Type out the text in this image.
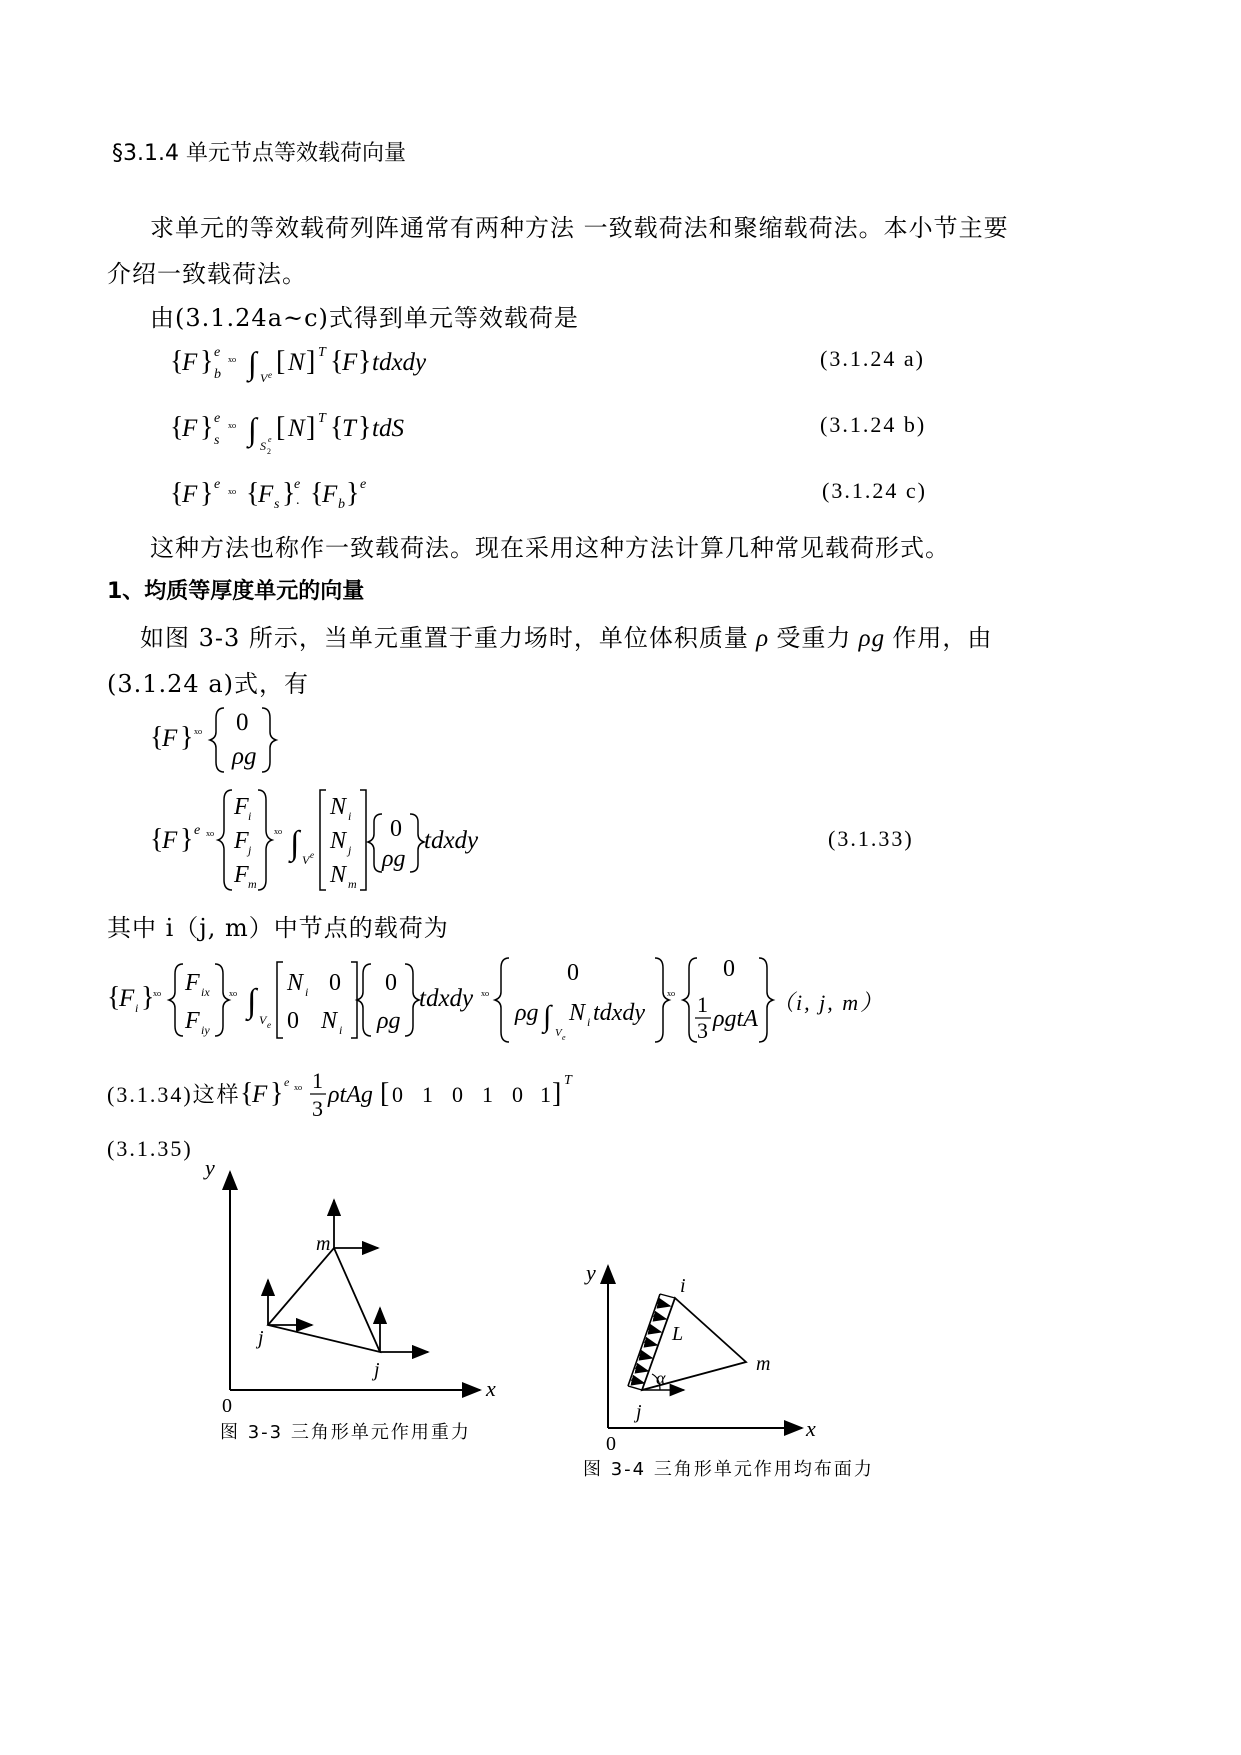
§3.1.4 单元节点等效载荷向量
求单元的等效载荷列阵通常有两种方法 一致载荷法和聚缩载荷法。本小节主要
介绍一致载荷法。
由(3.1.24a~c)式得到单元等效载荷是
{
F } e
b
ˣᵒ ∫ V e [ N ] T {
F } tdxdy	(3.1.24 a)
{
F } e
s
ˣᵒ ∫ S 2
e [ N ] T {
T } tdS	(3.1.24 b)
{
F } e
ˣᵒ {
F s }
e
. {
F b } e	(3.1.24 c)
这种方法也称作一致载荷法。现在采用这种方法计算几种常见载荷形式。
1、均质等厚度单元的向量
如图 3-3 所示，当单元重置于重力场时，单位体积质量 ρ 受重力 ρg 作用，由
(3.1.24 a)式，有
{
F } ˣᵒ 0
ρg
{
F } e ˣᵒ
F i
F j
F m
ˣᵒ ∫ V e
N i
N j
N m
0
ρg
tdxdy	(3.1.33)
其中 i（j, m）中节点的载荷为
{
F i }
ˣᵒ
F ix
F iy
ˣᵒ ∫ V e
N i 0
0 N i
0
ρg
tdxdy ˣᵒ
0
ρg ∫ V e
N i tdxdy
ˣᵒ
0
1
3 ρgtA
（i, j, m）
(3.1.34)这样 {
F } e
ˣᵒ 1
3
ρtAg [ 0 1 0 1 0 1 ] T
(3.1.35)
y
x
0
m
j
j
图 3-3 三角形单元作用重力
y
x
0
i
L
m
j
α
图 3-4 三角形单元作用均布面力
